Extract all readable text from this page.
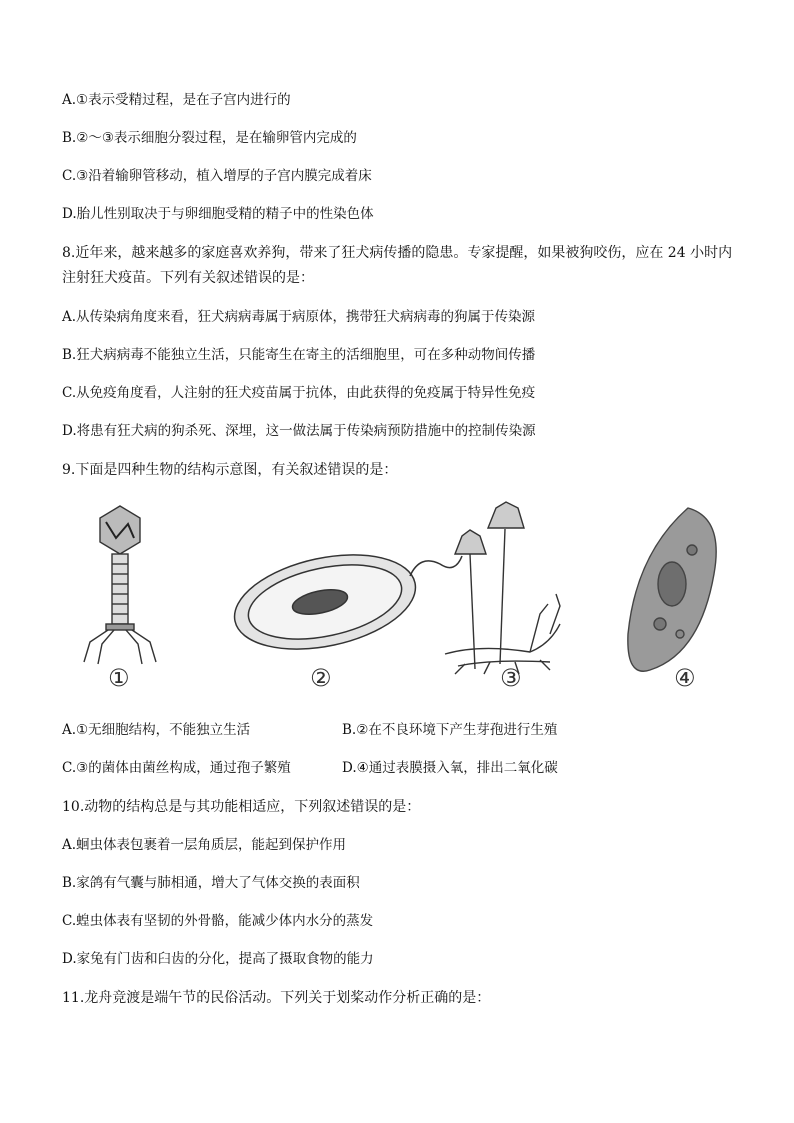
A.①表示受精过程，是在子宫内进行的
B.②～③表示细胞分裂过程，是在输卵管内完成的
C.③沿着输卵管移动，植入增厚的子宫内膜完成着床
D.胎儿性别取决于与卵细胞受精的精子中的性染色体
8.近年来，越来越多的家庭喜欢养狗，带来了狂犬病传播的隐患。专家提醒，如果被狗咬伤，应在 24 小时内
注射狂犬疫苗。下列有关叙述错误的是：
A.从传染病角度来看，狂犬病病毒属于病原体，携带狂犬病病毒的狗属于传染源
B.狂犬病病毒不能独立生活，只能寄生在寄主的活细胞里，可在多种动物间传播
C.从免疫角度看，人注射的狂犬疫苗属于抗体，由此获得的免疫属于特异性免疫
D.将患有狂犬病的狗杀死、深埋，这一做法属于传染病预防措施中的控制传染源
9.下面是四种生物的结构示意图，有关叙述错误的是：
①	②	③	④
A.①无细胞结构，不能独立生活	B.②在不良环境下产生芽孢进行生殖
C.③的菌体由菌丝构成，通过孢子繁殖	D.④通过表膜摄入氧，排出二氧化碳
10.动物的结构总是与其功能相适应，下列叙述错误的是：
A.蛔虫体表包裹着一层角质层，能起到保护作用
B.家鸽有气囊与肺相通，增大了气体交换的表面积
C.蝗虫体表有坚韧的外骨骼，能减少体内水分的蒸发
D.家兔有门齿和臼齿的分化，提高了摄取食物的能力
11.龙舟竞渡是端午节的民俗活动。下列关于划桨动作分析正确的是：
